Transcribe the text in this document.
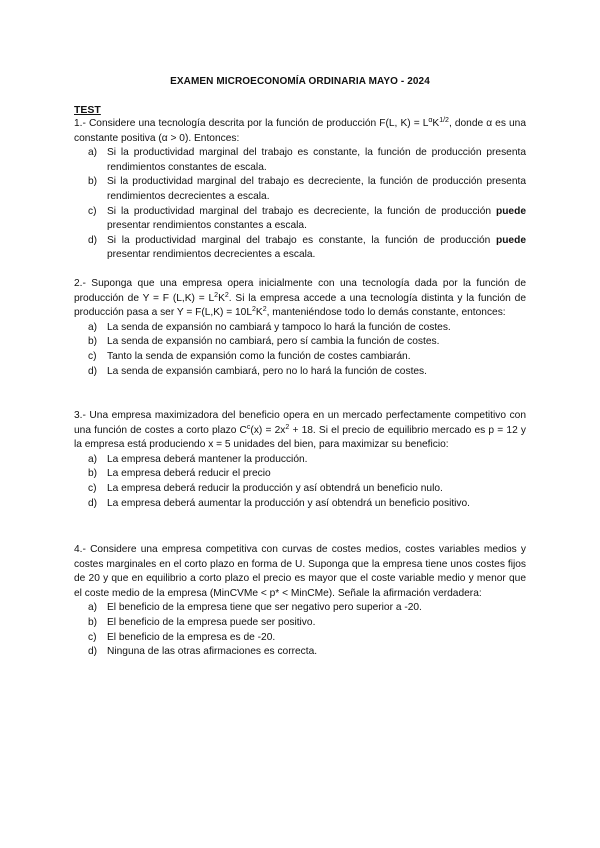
EXAMEN MICROECONOMÍA ORDINARIA MAYO - 2024
TEST
1.- Considere una tecnología descrita por la función de producción F(L, $K) = L^\alpha K^{1/2}$, donde α es una constante positiva (α > 0). Entonces:
a) Si la productividad marginal del trabajo es constante, la función de producción presenta rendimientos constantes de escala.
b) Si la productividad marginal del trabajo es decreciente, la función de producción presenta rendimientos decrecientes a escala.
c) Si la productividad marginal del trabajo es decreciente, la función de producción puede presentar rendimientos constantes a escala.
d) Si la productividad marginal del trabajo es constante, la función de producción puede presentar rendimientos decrecientes a escala.
2.- Suponga que una empresa opera inicialmente con una tecnología dada por la función de producción de Y = F $(L,K) = L^2K^2$. Si la empresa accede a una tecnología distinta y la función de producción pasa a ser $Y = F(L,K) = 10L^2K^2$, manteniéndose todo lo demás constante, entonces:
a) La senda de expansión no cambiará y tampoco lo hará la función de costes.
b) La senda de expansión no cambiará, pero sí cambia la función de costes.
c) Tanto la senda de expansión como la función de costes cambiarán.
d) La senda de expansión cambiará, pero no lo hará la función de costes.
3.- Una empresa maximizadora del beneficio opera en un mercado perfectamente competitivo con una función de costes a corto plazo $C^c(x) = 2x^2 + 18$. Si el precio de equilibrio mercado es p = 12 y la empresa está produciendo x = 5 unidades del bien, para maximizar su beneficio:
a) La empresa deberá mantener la producción.
b) La empresa deberá reducir el precio
c) La empresa deberá reducir la producción y así obtendrá un beneficio nulo.
d) La empresa deberá aumentar la producción y así obtendrá un beneficio positivo.
4.- Considere una empresa competitiva con curvas de costes medios, costes variables medios y costes marginales en el corto plazo en forma de U. Suponga que la empresa tiene unos costes fijos de 20 y que en equilibrio a corto plazo el precio es mayor que el coste variable medio y menor que el coste medio de la empresa (MinCVMe < p* < MinCMe). Señale la afirmación verdadera:
a) El beneficio de la empresa tiene que ser negativo pero superior a -20.
b) El beneficio de la empresa puede ser positivo.
c) El beneficio de la empresa es de -20.
d) Ninguna de las otras afirmaciones es correcta.
